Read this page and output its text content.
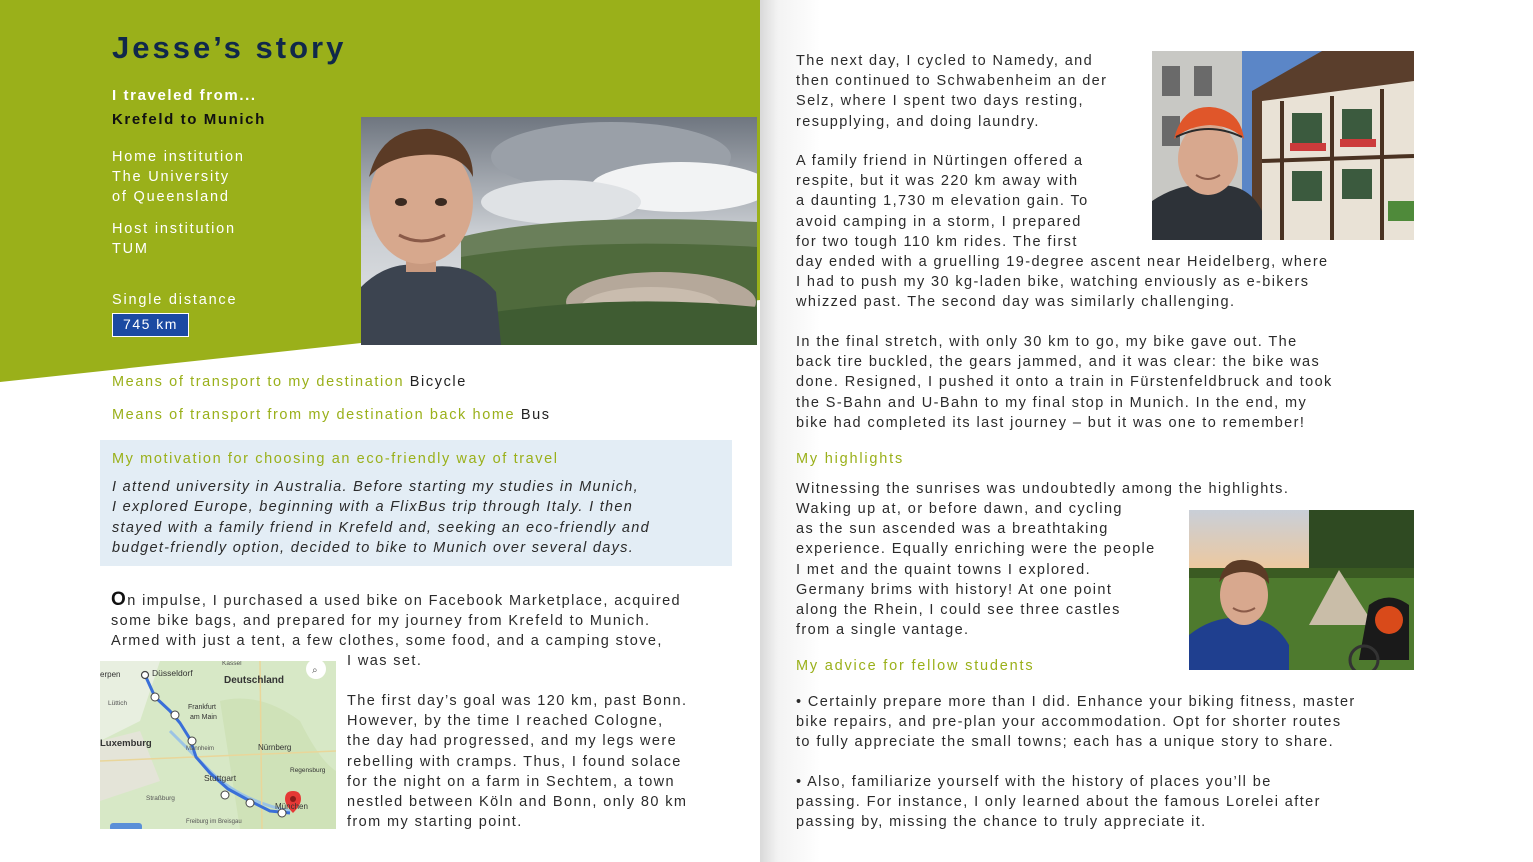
Jesse’s story
I traveled from...
Krefeld to Munich
Home institution
The University
of Queensland
Host institution
TUM
Single distance
745 km
Means of transport to my destination Bicycle
Means of transport from my destination back home Bus
My motivation for choosing an eco-friendly way of travel
I attend university in Australia. Before starting my studies in Munich,
I explored Europe, beginning with a FlixBus trip through Italy. I then
stayed with a family friend in Krefeld and, seeking an eco-friendly and
budget-friendly option, decided to bike to Munich over several days.
On impulse, I purchased a used bike on Facebook Marketplace, acquired
some bike bags, and prepared for my journey from Krefeld to Munich.
Armed with just a tent, a few clothes, some food, and a camping stove,
I was set.
⌕
erpen	Düsseldorf
Kassel
Deutschland
Lüttich
Frankfurt
am Main
Luxemburg	Mannheim	Nürnberg
Regensburg
Stuttgart
Straßburg
München
Freiburg im Breisgau
The first day’s goal was 120 km, past Bonn.
However, by the time I reached Cologne,
the day had progressed, and my legs were
rebelling with cramps. Thus, I found solace
for the night on a farm in Sechtem, a town
nestled between Köln and Bonn, only 80 km
from my starting point.
The next day, I cycled to Namedy, and
then continued to Schwabenheim an der
Selz, where I spent two days resting,
resupplying, and doing laundry.
A family friend in Nürtingen offered a
respite, but it was 220 km away with
a daunting 1,730 m elevation gain. To
avoid camping in a storm, I prepared
for two tough 110 km rides. The first
day ended with a gruelling 19-degree ascent near Heidelberg, where
I had to push my 30 kg-laden bike, watching enviously as e-bikers
whizzed past. The second day was similarly challenging.
In the final stretch, with only 30 km to go, my bike gave out. The
back tire buckled, the gears jammed, and it was clear: the bike was
done. Resigned, I pushed it onto a train in Fürstenfeldbruck and took
the S-Bahn and U-Bahn to my final stop in Munich. In the end, my
bike had completed its last journey – but it was one to remember!
My highlights
Witnessing the sunrises was undoubtedly among the highlights.
Waking up at, or before dawn, and cycling
as the sun ascended was a breathtaking
experience. Equally enriching were the people
I met and the quaint towns I explored.
Germany brims with history! At one point
along the Rhein, I could see three castles
from a single vantage.
My advice for fellow students
• Certainly prepare more than I did. Enhance your biking fitness, master
bike repairs, and pre-plan your accommodation. Opt for shorter routes
to fully appreciate the small towns; each has a unique story to share.
• Also, familiarize yourself with the history of places you’ll be
passing. For instance, I only learned about the famous Lorelei after
passing by, missing the chance to truly appreciate it.
